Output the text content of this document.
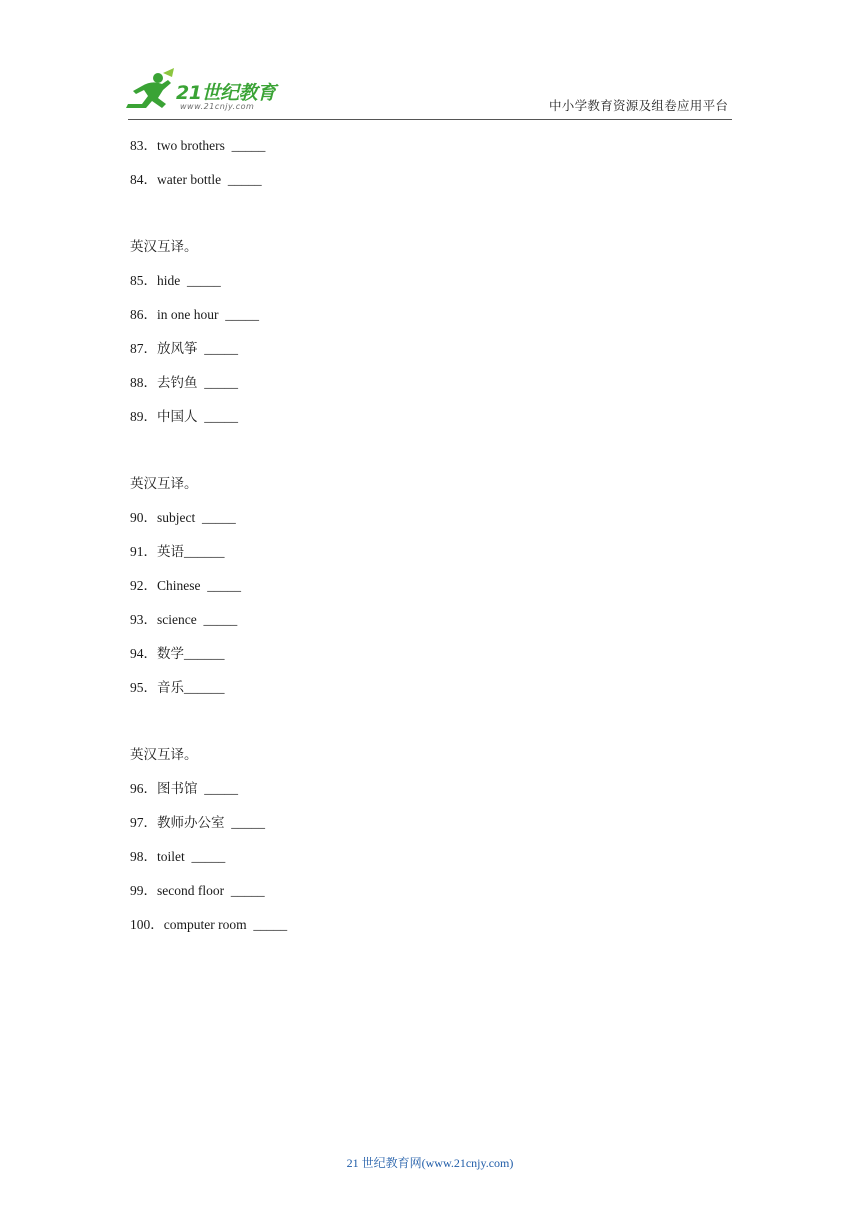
21世纪教育
www.21cnjy.com	中小学教育资源及组卷应用平台
83．two brothers  _____
84．water bottle  _____
英汉互译。
85．hide  _____
86．in one hour  _____
87．放风筝  _____
88．去钓鱼  _____
89．中国人  _____
英汉互译。
90．subject  _____
91．英语______
92．Chinese  _____
93．science  _____
94．数学______
95．音乐______
英汉互译。
96．图书馆  _____
97．教师办公室  _____
98．toilet  _____
99．second floor  _____
100．computer room  _____
21 世纪教育网(www.21cnjy.com)
